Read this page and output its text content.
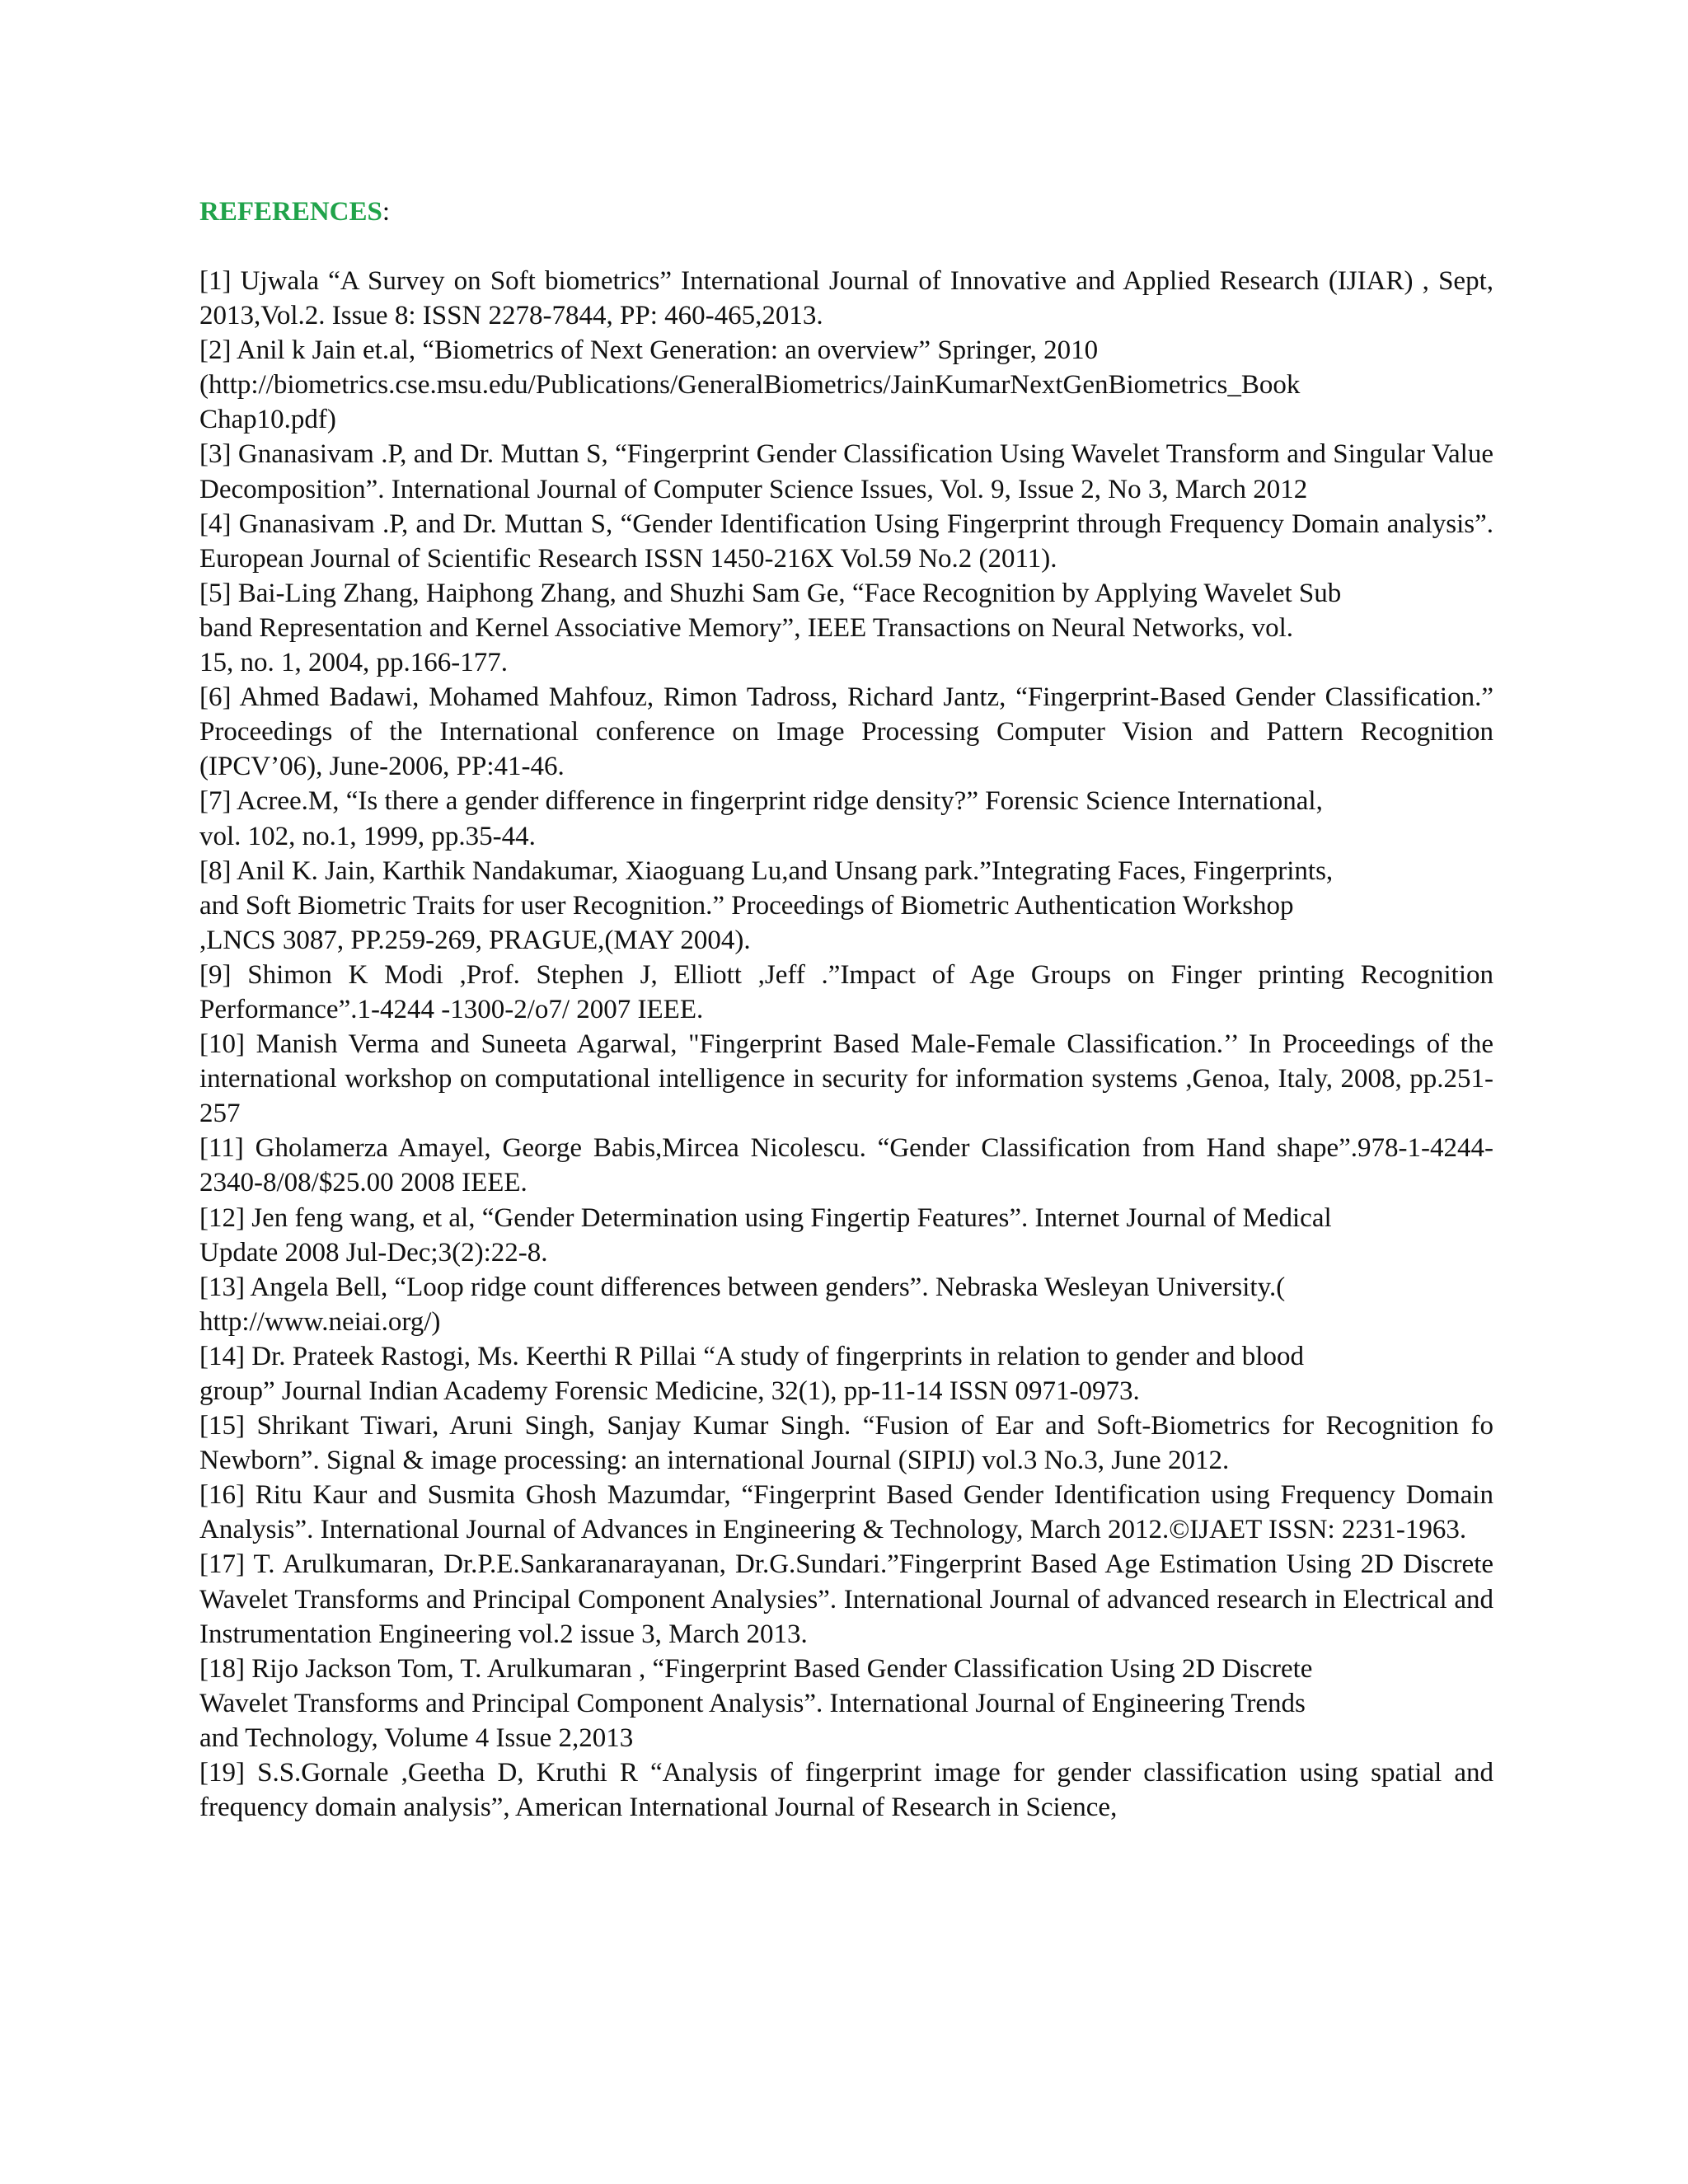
REFERENCES:

[1] Ujwala “A Survey on Soft biometrics” International Journal of Innovative and Applied Research (IJIAR) , Sept, 2013,Vol.2. Issue 8: ISSN 2278-7844, PP: 460-465,2013.

[2] Anil k Jain et.al, “Biometrics of Next Generation: an overview” Springer, 2010
(http://biometrics.cse.msu.edu/Publications/GeneralBiometrics/JainKumarNextGenBiometrics_Book
Chap10.pdf)

[3] Gnanasivam .P, and Dr. Muttan S, “Fingerprint Gender Classification Using Wavelet Transform and Singular Value Decomposition”. International Journal of Computer Science Issues, Vol. 9, Issue 2, No 3, March 2012

[4] Gnanasivam .P, and Dr. Muttan S, “Gender Identification Using Fingerprint through Frequency Domain analysis”. European Journal of Scientific Research ISSN 1450-216X Vol.59 No.2 (2011).

[5] Bai-Ling Zhang, Haiphong Zhang, and Shuzhi Sam Ge, “Face Recognition by Applying Wavelet Sub
band Representation and Kernel Associative Memory”, IEEE Transactions on Neural Networks, vol.
15, no. 1, 2004, pp.166-177.

[6] Ahmed Badawi, Mohamed Mahfouz, Rimon Tadross, Richard Jantz, “Fingerprint-Based Gender Classification.” Proceedings of the International conference on Image Processing Computer Vision and Pattern Recognition (IPCV’06), June-2006, PP:41-46.

[7] Acree.M, “Is there a gender difference in fingerprint ridge density?” Forensic Science International,
vol. 102, no.1, 1999, pp.35-44.

[8] Anil K. Jain, Karthik Nandakumar, Xiaoguang Lu,and Unsang park.”Integrating Faces, Fingerprints,
and Soft Biometric Traits for user Recognition.” Proceedings of Biometric Authentication Workshop
,LNCS 3087, PP.259-269, PRAGUE,(MAY 2004).

[9] Shimon K Modi ,Prof. Stephen J, Elliott ,Jeff .”Impact of Age Groups on Finger printing Recognition Performance”.1-4244 -1300-2/o7/ 2007 IEEE.

[10] Manish Verma and Suneeta Agarwal, "Fingerprint Based Male-Female Classification.’’ In Proceedings of the international workshop on computational intelligence in security for information systems ,Genoa, Italy, 2008, pp.251-257

[11] Gholamerza Amayel, George Babis,Mircea Nicolescu. “Gender Classification from Hand shape”.978-1-4244-2340-8/08/$25.00 2008 IEEE.

[12] Jen feng wang, et al, “Gender Determination using Fingertip Features”. Internet Journal of Medical
Update 2008 Jul-Dec;3(2):22-8.

[13] Angela Bell, “Loop ridge count differences between genders”. Nebraska Wesleyan University.(
http://www.neiai.org/)

[14] Dr. Prateek Rastogi, Ms. Keerthi R Pillai “A study of fingerprints in relation to gender and blood
group” Journal Indian Academy Forensic Medicine, 32(1), pp-11-14 ISSN 0971-0973.

[15] Shrikant Tiwari, Aruni Singh, Sanjay Kumar Singh. “Fusion of Ear and Soft-Biometrics for Recognition fo Newborn”. Signal & image processing: an international Journal (SIPIJ) vol.3 No.3, June 2012.

[16] Ritu Kaur and Susmita Ghosh Mazumdar, “Fingerprint Based Gender Identification using Frequency Domain Analysis”. International Journal of Advances in Engineering & Technology, March 2012.©IJAET ISSN: 2231-1963.

[17] T. Arulkumaran, Dr.P.E.Sankaranarayanan, Dr.G.Sundari.”Fingerprint Based Age Estimation Using 2D Discrete Wavelet Transforms and Principal Component Analysies”. International Journal of advanced research in Electrical and Instrumentation Engineering vol.2 issue 3, March 2013.

[18] Rijo Jackson Tom, T. Arulkumaran , “Fingerprint Based Gender Classification Using 2D Discrete
Wavelet Transforms and Principal Component Analysis”. International Journal of Engineering Trends
and Technology, Volume 4 Issue 2,2013

[19] S.S.Gornale ,Geetha D, Kruthi R “Analysis of fingerprint image for gender classification using spatial and frequency domain analysis”, American International Journal of Research in Science,
